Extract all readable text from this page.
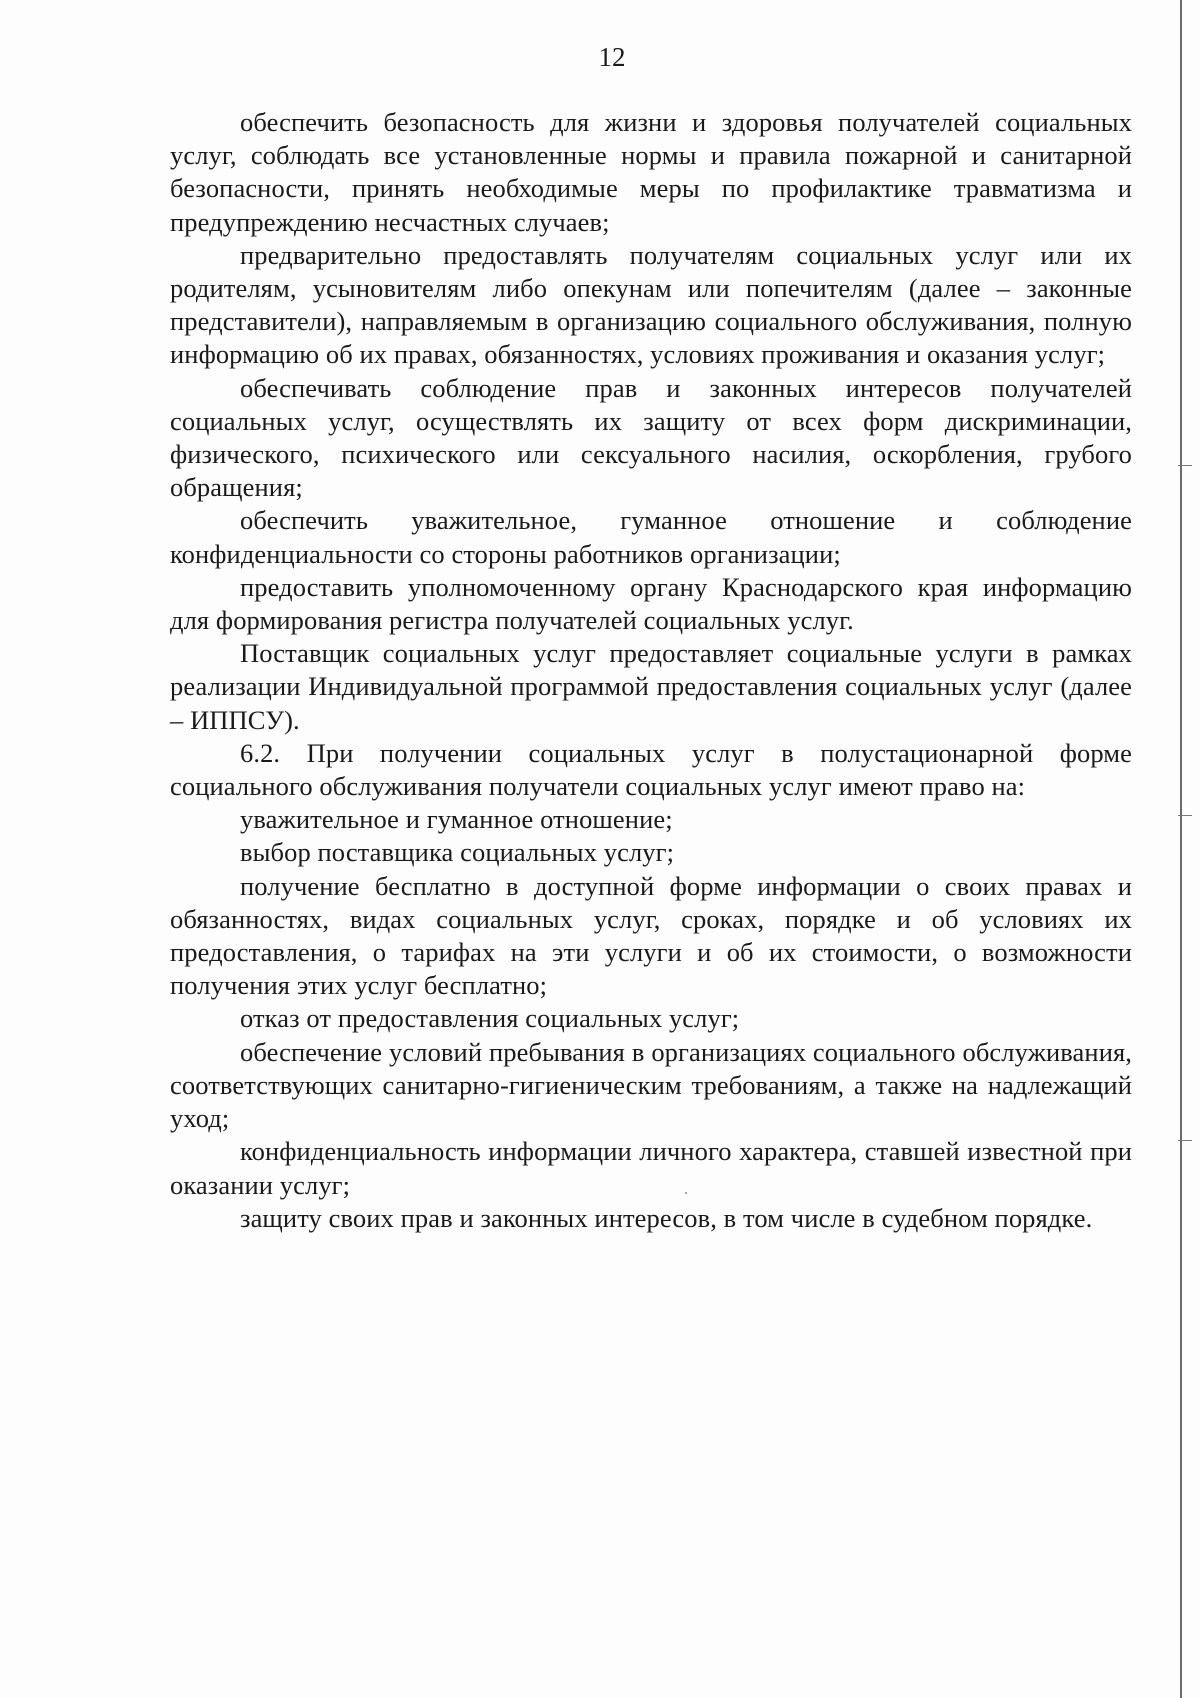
12

обеспечить безопасность для жизни и здоровья получателей социальных услуг, соблюдать все установленные нормы и правила пожарной и санитарной безопасности, принять необходимые меры по профилактике травматизма и предупреждению несчастных случаев;

предварительно предоставлять получателям социальных услуг или их родителям, усыновителям либо опекунам или попечителям (далее – законные представители), направляемым в организацию социального обслуживания, полную информацию об их правах, обязанностях, условиях проживания и оказания услуг;

обеспечивать соблюдение прав и законных интересов получателей социальных услуг, осуществлять их защиту от всех форм дискриминации, физического, психического или сексуального насилия, оскорбления, грубого обращения;

обеспечить уважительное, гуманное отношение и соблюдение конфиденциальности со стороны работников организации;

предоставить уполномоченному органу Краснодарского края информацию для формирования регистра получателей социальных услуг.

Поставщик социальных услуг предоставляет социальные услуги в рамках реализации Индивидуальной программой предоставления социальных услуг (далее – ИППСУ).

6.2. При получении социальных услуг в полустационарной форме социального обслуживания получатели социальных услуг имеют право на:

уважительное и гуманное отношение;

выбор поставщика социальных услуг;

получение бесплатно в доступной форме информации о своих правах и обязанностях, видах социальных услуг, сроках, порядке и об условиях их предоставления, о тарифах на эти услуги и об их стоимости, о возможности получения этих услуг бесплатно;

отказ от предоставления социальных услуг;

обеспечение условий пребывания в организациях социального обслуживания, соответствующих санитарно-гигиеническим требованиям, а также на надлежащий уход;

конфиденциальность информации личного характера, ставшей известной при оказании услуг;

защиту своих прав и законных интересов, в том числе в судебном порядке.
